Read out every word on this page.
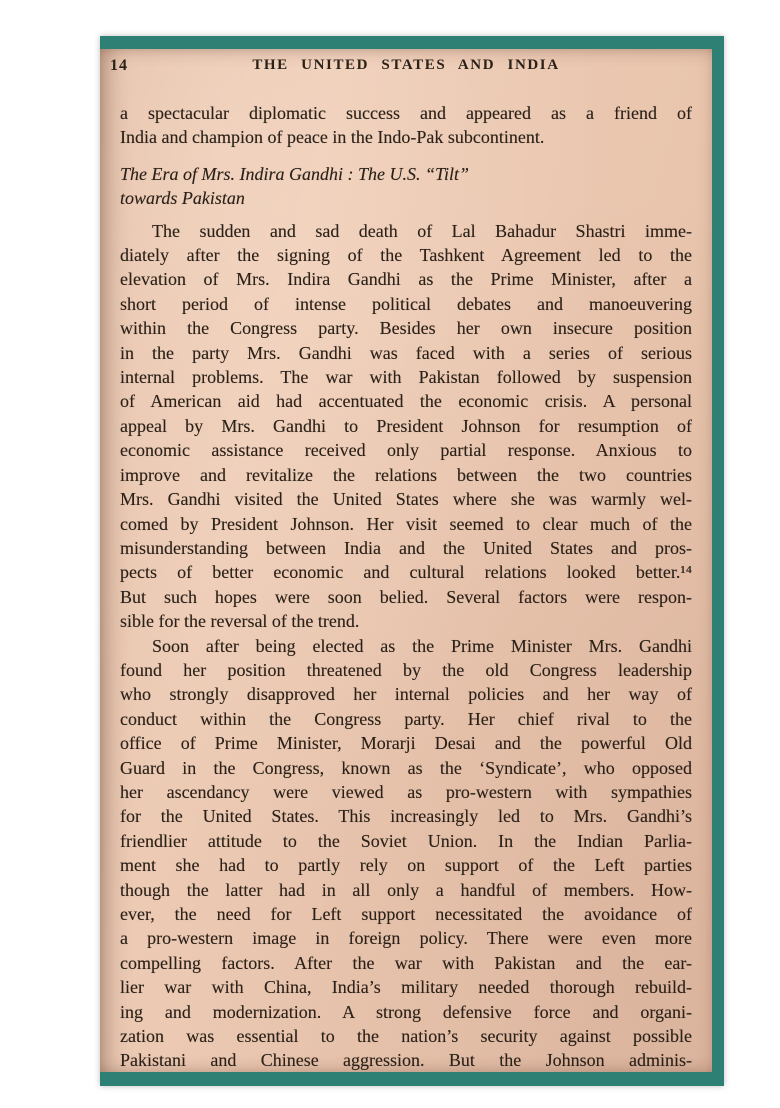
14	THE UNITED STATES AND INDIA
a spectacular diplomatic success and appeared as a friend of
India and champion of peace in the Indo-Pak subcontinent.
The Era of Mrs. Indira Gandhi : The U.S. “Tilt”
towards Pakistan
The sudden and sad death of Lal Bahadur Shastri imme-
diately after the signing of the Tashkent Agreement led to the
elevation of Mrs. Indira Gandhi as the Prime Minister, after a
short period of intense political debates and manoeuvering
within the Congress party. Besides her own insecure position
in the party Mrs. Gandhi was faced with a series of serious
internal problems. The war with Pakistan followed by suspension
of American aid had accentuated the economic crisis. A personal
appeal by Mrs. Gandhi to President Johnson for resumption of
economic assistance received only partial response. Anxious to
improve and revitalize the relations between the two countries
Mrs. Gandhi visited the United States where she was warmly wel-
comed by President Johnson. Her visit seemed to clear much of the
misunderstanding between India and the United States and pros-
pects of better economic and cultural relations looked better.¹⁴
But such hopes were soon belied. Several factors were respon-
sible for the reversal of the trend.
Soon after being elected as the Prime Minister Mrs. Gandhi
found her position threatened by the old Congress leadership
who strongly disapproved her internal policies and her way of
conduct within the Congress party. Her chief rival to the
office of Prime Minister, Morarji Desai and the powerful Old
Guard in the Congress, known as the ‘Syndicate’, who opposed
her ascendancy were viewed as pro-western with sympathies
for the United States. This increasingly led to Mrs. Gandhi’s
friendlier attitude to the Soviet Union. In the Indian Parlia-
ment she had to partly rely on support of the Left parties
though the latter had in all only a handful of members. How-
ever, the need for Left support necessitated the avoidance of
a pro-western image in foreign policy. There were even more
compelling factors. After the war with Pakistan and the ear-
lier war with China, India’s military needed thorough rebuild-
ing and modernization. A strong defensive force and organi-
zation was essential to the nation’s security against possible
Pakistani and Chinese aggression. But the Johnson adminis-
